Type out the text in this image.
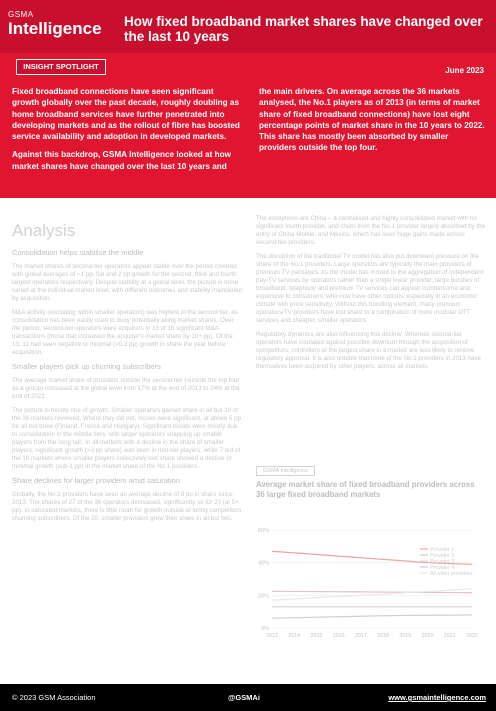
GSMA
Intelligence How fixed broadband market shares have changed over the last 10 years
INSIGHT SPOTLIGHT	June 2023

Fixed broadband connections have seen significant growth globally over the past decade, roughly doubling as home broadband services have further penetrated into developing markets and as the rollout of fibre has boosted service availability and adoption in developed markets.

Against this backdrop, GSMA Intelligence looked at how market shares have changed over the last 10 years and

the main drivers. On average across the 36 markets analysed, the No.1 players as of 2013 (in terms of market share of fixed broadband connections) have lost eight percentage points of market share in the 10 years to 2022. This share has mostly been absorbed by smaller providers outside the top four.

Analysis
Consolidation helps stabilise the middle

The market shares of second-tier operators appear stable over the period covered, with global averages of ~1 pp, flat and 2 pp growth for the second, third and fourth largest operators respectively. Despite stability at a global level, the picture is more varied at the individual market level, with different outcomes and stability maintained by acquisition.

M&A activity (excluding within smaller operators) was highest in the second tier, as consolidation has been easily used to buoy potentially ailing market shares. Over the period, second-tier operators were acquirers in 13 of 16 significant M&A transactions (those that increased the acquirer's market share by 10+ pp). Of the 13, 11 had seen negative or minimal (>0.3 pp) growth in share the year before acquisition.

Smaller players pick up churning subscribers

The average market share of providers outside the second tier (outside the top four as a group) increased at the global level from 17% at the end of 2013 to 24% at the end of 2022.

The picture is mostly one of growth. Smaller operators gained share in all but 10 of the 36 markets reviewed. Where they did not, losses were significant, at above 5 pp for all but three (Finland, France and Hungary). Significant losses were mostly due to consolidation in the middle tiers, with larger operators snapping up smaller players from the 'long tail'. In all markets with a decline in the share of smaller players, significant growth (>3 pp share) was seen in mid-tier players, while 7 out of the 10 markets where smaller players collectively lost share showed a decline or minimal growth (sub-1 pp) in the market share of the No.1 providers.

Share declines for larger providers amid saturation

Globally, the No.1 providers have seen an average decline of 8 pp in share since 2013. The shares of 27 of the 36 operators decreased, significantly so for 20 (at 5+ pp). In saturated markets, there is little room for growth outside of luring competitors churning subscribers. Of the 20, smaller providers grew their share in all but two.

The exceptions are China – a centralised and highly consolidated market with no significant fourth provider, and churn from the No.1 provider largely absorbed by the entry of China Mobile; and Mexico, which has seen huge gains made across second-tier providers.

The disruption of the traditional TV model has also put downward pressure on the share of the No.1 providers. Large operators are typically the main providers of premium TV packages. As the model has moved to the aggregation of independent pay-TV services by operators rather than a single linear provider, large bundles of broadband, telephony and premium TV services can appear cumbersome and expensive to consumers, who now have other options, especially in an economic climate with price sensitivity. Without this bundling element, many premium operators/TV providers have lost share to a combination of more modular OTT services and cheaper, smaller operators.

Regulatory dynamics are also influencing this decline. Whereas second-tier operators have insulated against possible downturn through the acquisition of competitors, controllers of the largest share in a market are less likely to receive regulatory approval. It is also notable that none of the No.1 providers in 2013 have themselves been acquired by other players, across all markets.

GSMA Intelligence
Average market share of fixed broadband providers across 36 large fixed broadband markets
0%
20%
40%
60%
2013 2014 2015 2016 2017 2018 2019 2020 2021 2022
Provider 1
Provider 2
Provider 3
Provider 4
All other providers
© 2023 GSM Association	@GSMAi	www.gsmaintelligence.com
